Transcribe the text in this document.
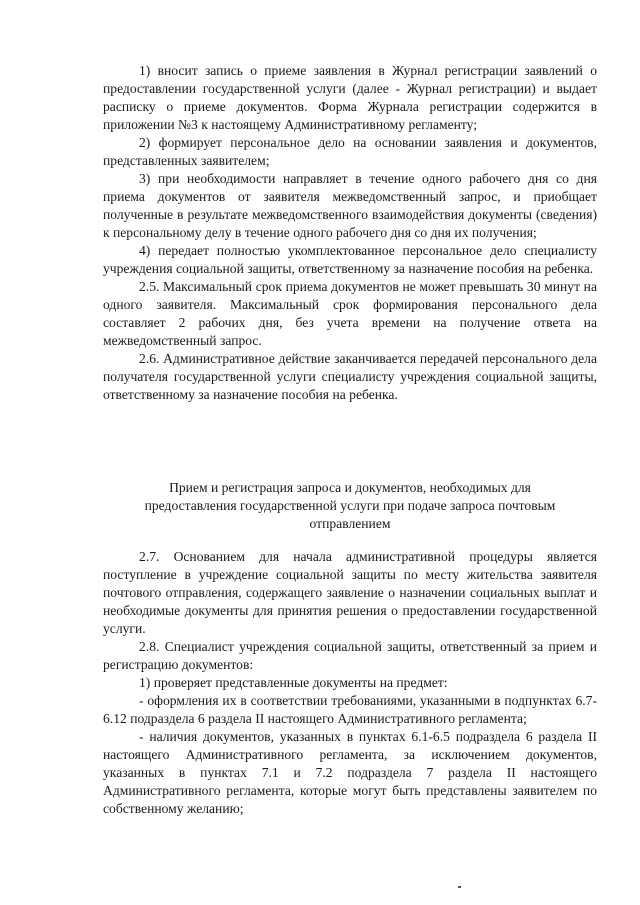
1) вносит запись о приеме заявления в Журнал регистрации заявлений о предоставлении государственной услуги (далее - Журнал регистрации) и выдает расписку о приеме документов. Форма Журнала регистрации содержится в приложении №3 к настоящему Административному регламенту;

2) формирует персональное дело на основании заявления и документов, представленных заявителем;

3) при необходимости направляет в течение одного рабочего дня со дня приема документов от заявителя межведомственный запрос, и приобщает полученные в результате межведомственного взаимодействия документы (сведения) к персональному делу в течение одного рабочего дня со дня их получения;

4) передает полностью укомплектованное персональное дело специалисту учреждения социальной защиты, ответственному за назначение пособия на ребенка.

2.5. Максимальный срок приема документов не может превышать 30 минут на одного заявителя. Максимальный срок формирования персонального дела составляет 2 рабочих дня, без учета времени на получение ответа на межведомственный запрос.

2.6. Административное действие заканчивается передачей персонального дела получателя государственной услуги специалисту учреждения социальной защиты, ответственному за назначение пособия на ребенка.

Прием и регистрация запроса и документов, необходимых для
предоставления государственной услуги при подаче запроса почтовым
отправлением

2.7. Основанием для начала административной процедуры является поступление в учреждение социальной защиты по месту жительства заявителя почтового отправления, содержащего заявление о назначении социальных выплат и необходимые документы для принятия решения о предоставлении государственной услуги.

2.8. Специалист учреждения социальной защиты, ответственный за прием и регистрацию документов:

1) проверяет представленные документы на предмет:

- оформления их в соответствии требованиями, указанными в подпунктах 6.7-6.12 подраздела 6 раздела II настоящего Административного регламента;

- наличия документов, указанных в пунктах 6.1-6.5 подраздела 6 раздела II настоящего Административного регламента, за исключением документов, указанных в пунктах 7.1 и 7.2 подраздела 7 раздела II настоящего Административного регламента, которые могут быть представлены заявителем по собственному желанию;
